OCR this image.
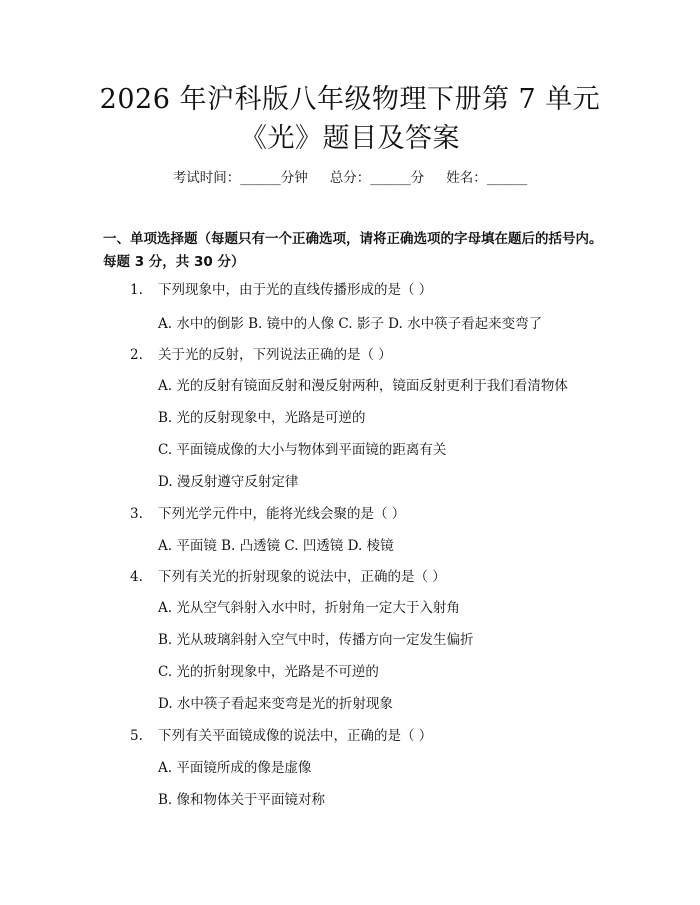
2026 年沪科版八年级物理下册第 7 单元
《光》题目及答案
考试时间：______分钟 总分：______分 姓名：______
一、单项选择题（每题只有一个正确选项，请将正确选项的字母填在题后的括号内。每题 3 分，共 30 分）
1.	下列现象中，由于光的直线传播形成的是（ ）
A. 水中的倒影 B. 镜中的人像 C. 影子 D. 水中筷子看起来变弯了
2.	关于光的反射，下列说法正确的是（ ）
A. 光的反射有镜面反射和漫反射两种，镜面反射更利于我们看清物体
B. 光的反射现象中，光路是可逆的
C. 平面镜成像的大小与物体到平面镜的距离有关
D. 漫反射遵守反射定律
3.	下列光学元件中，能将光线会聚的是（ ）
A. 平面镜 B. 凸透镜 C. 凹透镜 D. 棱镜
4.	下列有关光的折射现象的说法中，正确的是（ ）
A. 光从空气斜射入水中时，折射角一定大于入射角
B. 光从玻璃斜射入空气中时，传播方向一定发生偏折
C. 光的折射现象中，光路是不可逆的
D. 水中筷子看起来变弯是光的折射现象
5.	下列有关平面镜成像的说法中，正确的是（ ）
A. 平面镜所成的像是虚像
B. 像和物体关于平面镜对称
